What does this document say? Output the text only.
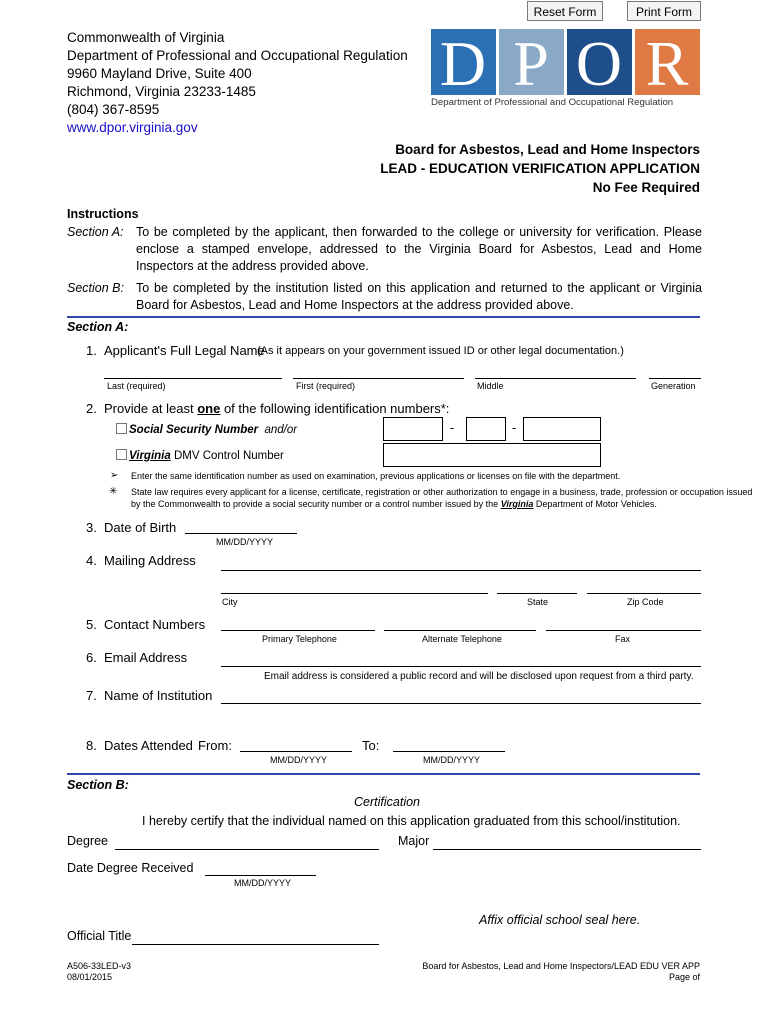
Reset Form	Print Form
Commonwealth of Virginia
Department of Professional and Occupational Regulation
9960 Mayland Drive, Suite 400
Richmond, Virginia 23233-1485
(804) 367-8595
www.dpor.virginia.gov
D P O R
Department of Professional and Occupational Regulation
Board for Asbestos, Lead and Home Inspectors
LEAD - EDUCATION VERIFICATION APPLICATION
No Fee Required
Instructions
Section A: To be completed by the applicant, then forwarded to the college or university for verification. Please enclose a stamped envelope, addressed to the Virginia Board for Asbestos, Lead and Home Inspectors at the address provided above.
Section B: To be completed by the institution listed on this application and returned to the applicant or Virginia Board for Asbestos, Lead and Home Inspectors at the address provided above.
Section A:
1. Applicant's Full Legal Name
(As it appears on your government issued ID or other legal documentation.)
Last (required)	First (required)	Middle	Generation
2. Provide at least one of the following identification numbers*:
Social Security Number and/or	-	-
Virginia DMV Control Number
➢ Enter the same identification number as used on examination, previous applications or licenses on file with the department.
✳ State law requires every applicant for a license, certificate, registration or other authorization to engage in a business, trade, profession or occupation issued
by the Commonwealth to provide a social security number or a control number issued by the Virginia Department of Motor Vehicles.
3. Date of Birth
MM/DD/YYYY
4. Mailing Address
City	State	Zip Code
5. Contact Numbers
Primary Telephone	Alternate Telephone	Fax
6. Email Address
Email address is considered a public record and will be disclosed upon request from a third party.
7. Name of Institution
8. Dates Attended From:
MM/DD/YYYY
To:
MM/DD/YYYY
Section B:
Certification
I hereby certify that the individual named on this application graduated from this school/institution.
Degree	Major
Date Degree Received
MM/DD/YYYY
Affix official school seal here.
Official Title
A506-33LED-v3
08/01/2015
Board for Asbestos, Lead and Home Inspectors/LEAD EDU VER APP
Page of
